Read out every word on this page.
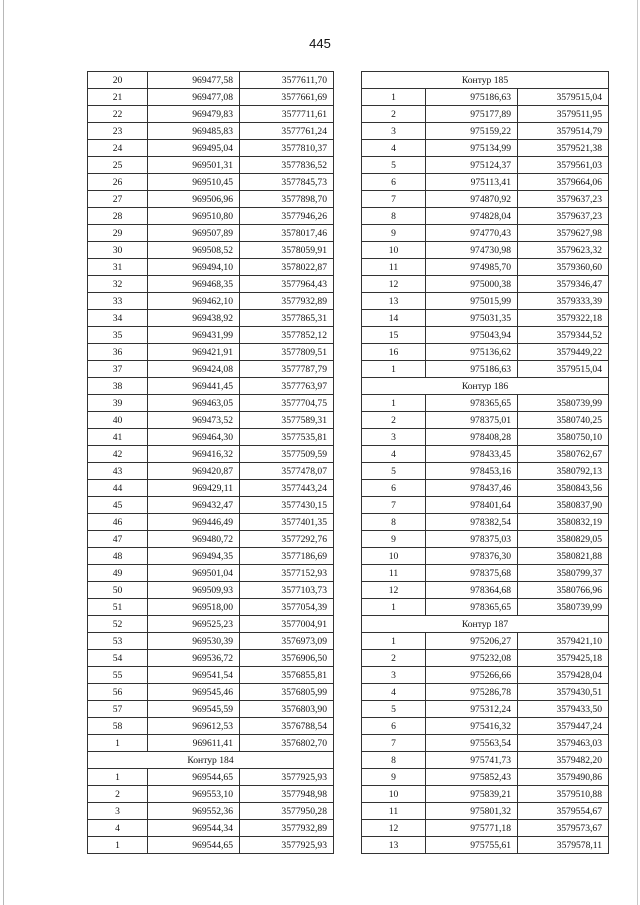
445
20	969477,58	3577611,70
21	969477,08	3577661,69
22	969479,83	3577711,61
23	969485,83	3577761,24
24	969495,04	3577810,37
25	969501,31	3577836,52
26	969510,45	3577845,73
27	969506,96	3577898,70
28	969510,80	3577946,26
29	969507,89	3578017,46
30	969508,52	3578059,91
31	969494,10	3578022,87
32	969468,35	3577964,43
33	969462,10	3577932,89
34	969438,92	3577865,31
35	969431,99	3577852,12
36	969421,91	3577809,51
37	969424,08	3577787,79
38	969441,45	3577763,97
39	969463,05	3577704,75
40	969473,52	3577589,31
41	969464,30	3577535,81
42	969416,32	3577509,59
43	969420,87	3577478,07
44	969429,11	3577443,24
45	969432,47	3577430,15
46	969446,49	3577401,35
47	969480,72	3577292,76
48	969494,35	3577186,69
49	969501,04	3577152,93
50	969509,93	3577103,73
51	969518,00	3577054,39
52	969525,23	3577004,91
53	969530,39	3576973,09
54	969536,72	3576906,50
55	969541,54	3576855,81
56	969545,46	3576805,99
57	969545,59	3576803,90
58	969612,53	3576788,54
1	969611,41	3576802,70
Контур 184		
1	969544,65	3577925,93
2	969553,10	3577948,98
3	969552,36	3577950,28
4	969544,34	3577932,89
1	969544,65	3577925,93
Контур 185		
1	975186,63	3579515,04
2	975177,89	3579511,95
3	975159,22	3579514,79
4	975134,99	3579521,38
5	975124,37	3579561,03
6	975113,41	3579664,06
7	974870,92	3579637,23
8	974828,04	3579637,23
9	974770,43	3579627,98
10	974730,98	3579623,32
11	974985,70	3579360,60
12	975000,38	3579346,47
13	975015,99	3579333,39
14	975031,35	3579322,18
15	975043,94	3579344,52
16	975136,62	3579449,22
1	975186,63	3579515,04
Контур 186		
1	978365,65	3580739,99
2	978375,01	3580740,25
3	978408,28	3580750,10
4	978433,45	3580762,67
5	978453,16	3580792,13
6	978437,46	3580843,56
7	978401,64	3580837,90
8	978382,54	3580832,19
9	978375,03	3580829,05
10	978376,30	3580821,88
11	978375,68	3580799,37
12	978364,68	3580766,96
1	978365,65	3580739,99
Контур 187		
1	975206,27	3579421,10
2	975232,08	3579425,18
3	975266,66	3579428,04
4	975286,78	3579430,51
5	975312,24	3579433,50
6	975416,32	3579447,24
7	975563,54	3579463,03
8	975741,73	3579482,20
9	975852,43	3579490,86
10	975839,21	3579510,88
11	975801,32	3579554,67
12	975771,18	3579573,67
13	975755,61	3579578,11
